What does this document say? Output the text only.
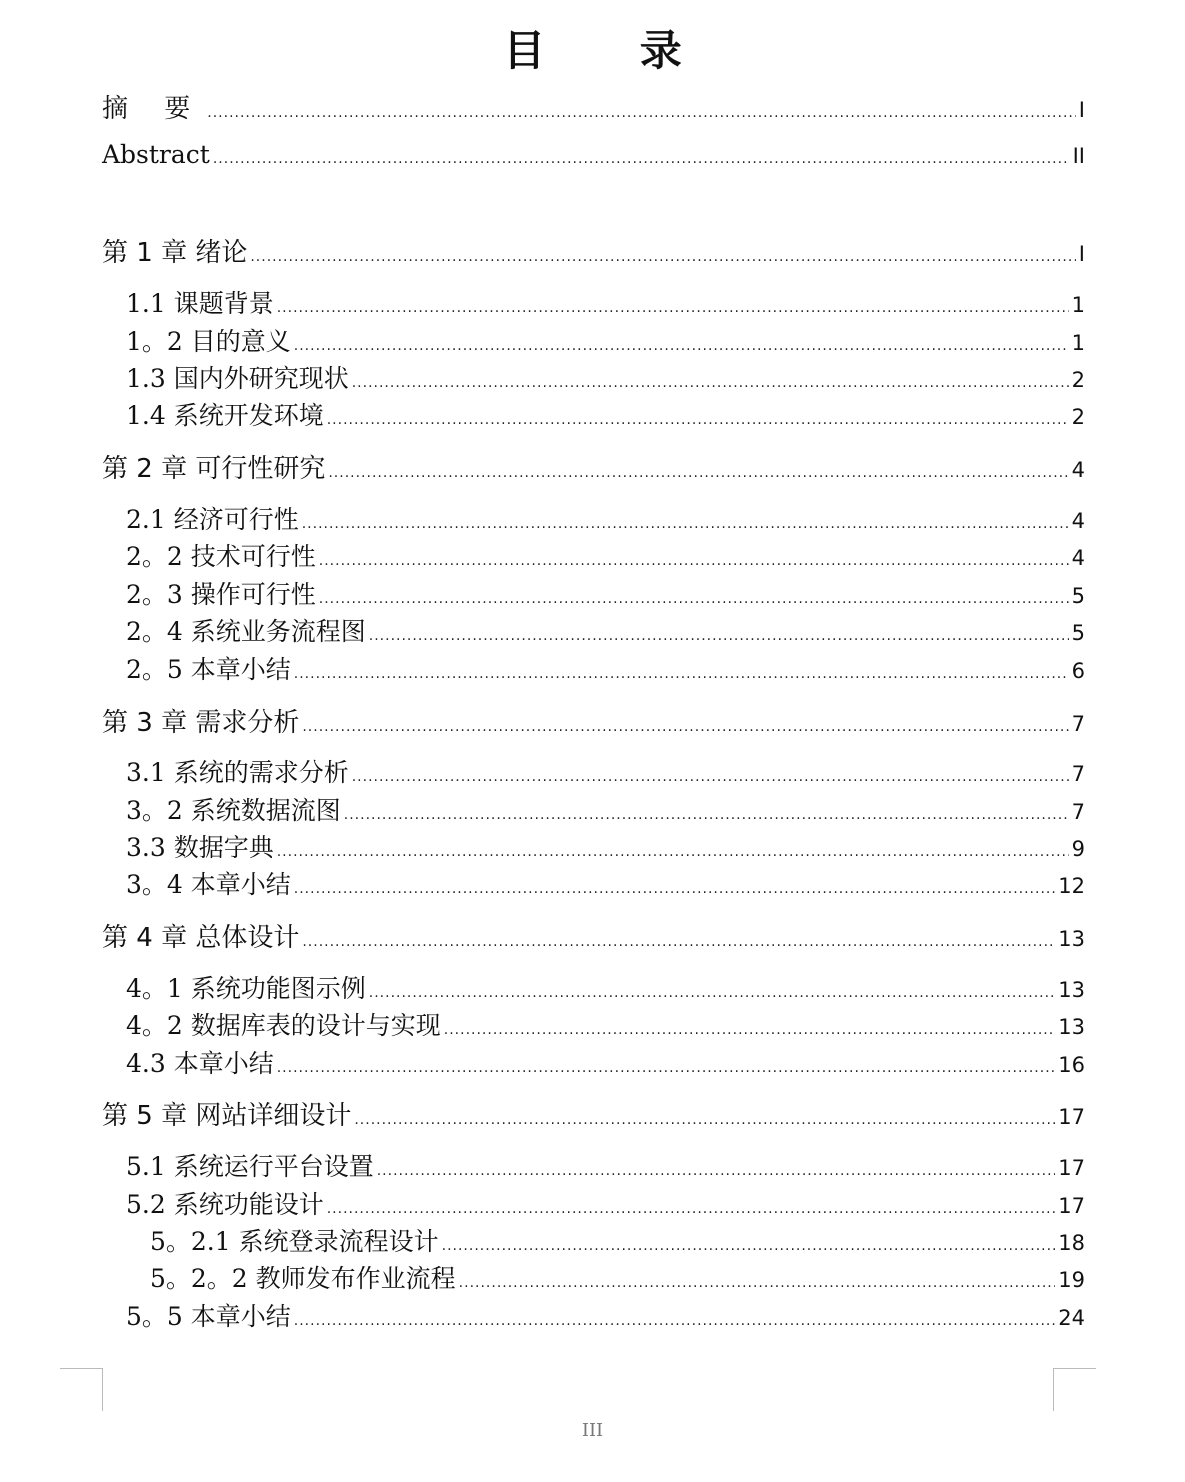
目 录
摘 要 .....	I
Abstract .....	II
第 1 章 绪论 .....	I
1.1 课题背景 .....	1
1。2 目的意义 .....	1
1.3 国内外研究现状 .....	2
1.4 系统开发环境 .....	2
第 2 章 可行性研究 .....	4
2.1 经济可行性 .....	4
2。2 技术可行性 .....	4
2。3 操作可行性 .....	5
2。4 系统业务流程图 .....	5
2。5 本章小结 .....	6
第 3 章 需求分析 .....	7
3.1 系统的需求分析 .....	7
3。2 系统数据流图 .....	7
3.3 数据字典 .....	9
3。4 本章小结 .....	12
第 4 章 总体设计 .....	13
4。1 系统功能图示例 .....	13
4。2 数据库表的设计与实现 .....	13
4.3 本章小结 .....	16
第 5 章 网站详细设计 .....	17
5.1 系统运行平台设置 .....	17
5.2 系统功能设计 .....	17
5。2.1 系统登录流程设计 .....	18
5。2。2 教师发布作业流程 .....	19
5。5 本章小结 .....	24
III
